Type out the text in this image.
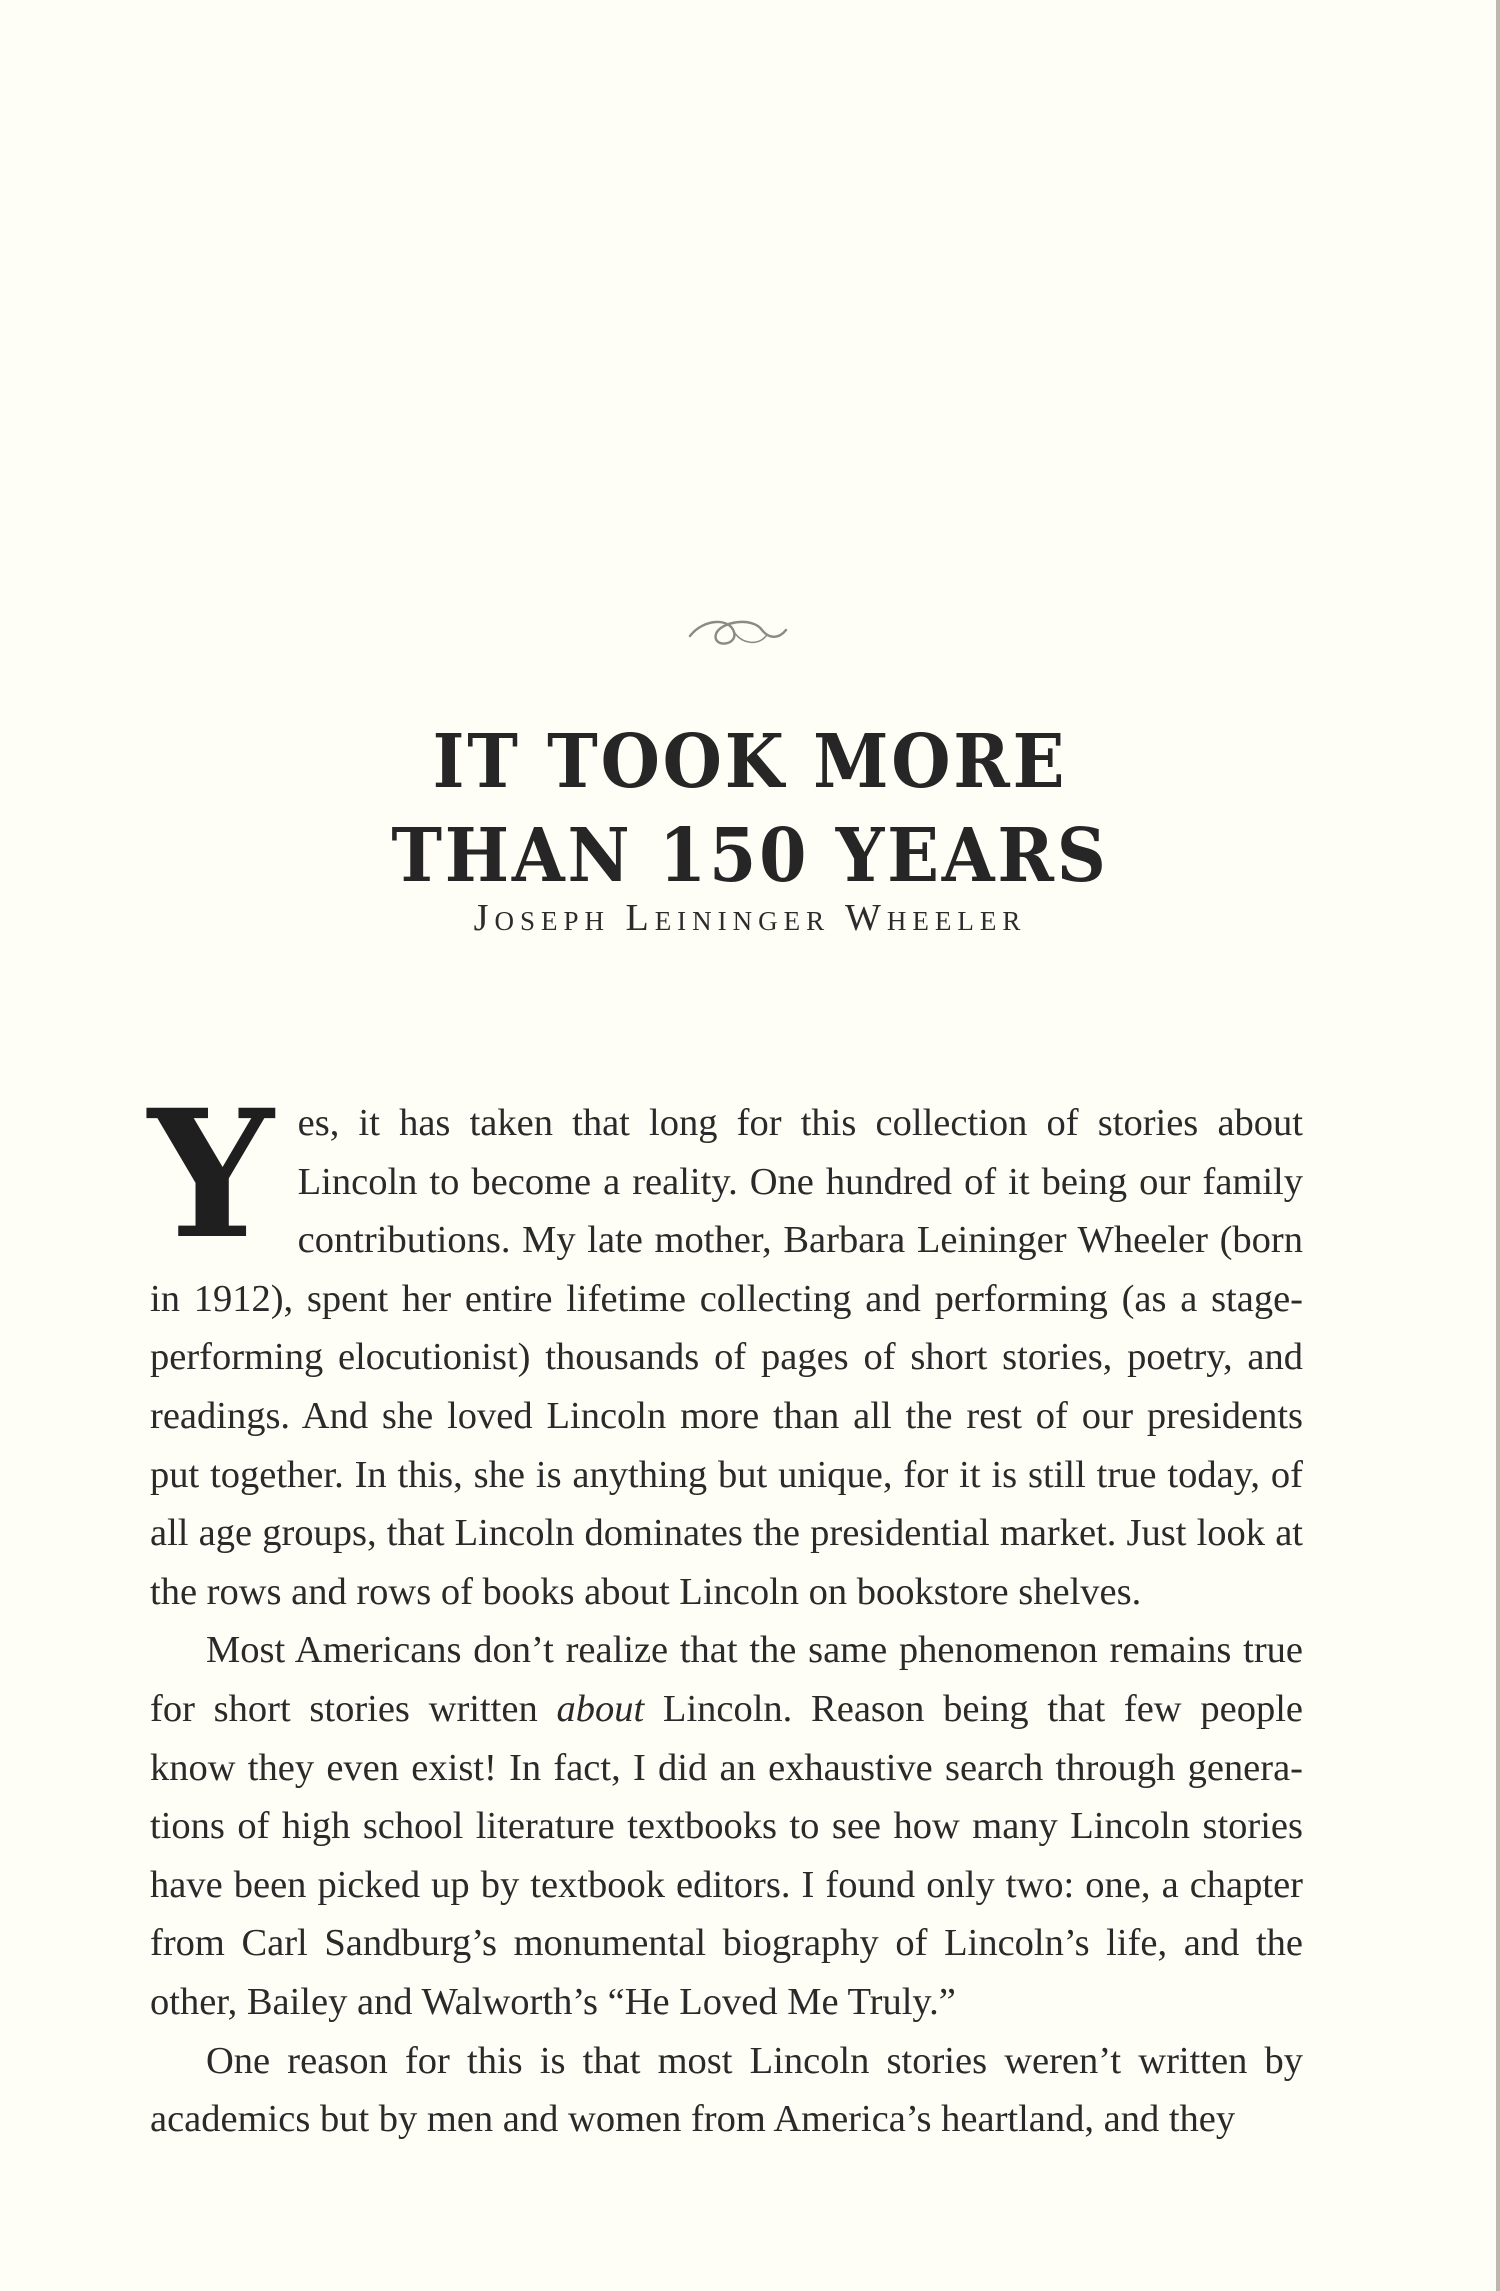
IT TOOK MORE
THAN 150 YEARS
Joseph Leininger Wheeler

Yes, it has taken that long for this collection of stories about Lincoln to become a reality. One hundred of it being our family contributions. My late mother, Barbara Leininger Wheeler (born in 1912), spent her entire lifetime collecting and performing (as a stage-performing elocutionist) thousands of pages of short stories, poetry, and readings. And she loved Lincoln more than all the rest of our presidents put together. In this, she is anything but unique, for it is still true today, of all age groups, that Lincoln dominates the presidential market. Just look at the rows and rows of books about Lincoln on bookstore shelves.

Most Americans don’t realize that the same phenomenon remains true for short stories written about Lincoln. Reason being that few people know they even exist! In fact, I did an exhaustive search through generations of high school literature textbooks to see how many Lincoln stories have been picked up by textbook editors. I found only two: one, a chapter from Carl Sandburg’s monumental biography of Lincoln’s life, and the other, Bailey and Walworth’s “He Loved Me Truly.”

One reason for this is that most Lincoln stories weren’t written by academics but by men and women from America’s heartland, and they
